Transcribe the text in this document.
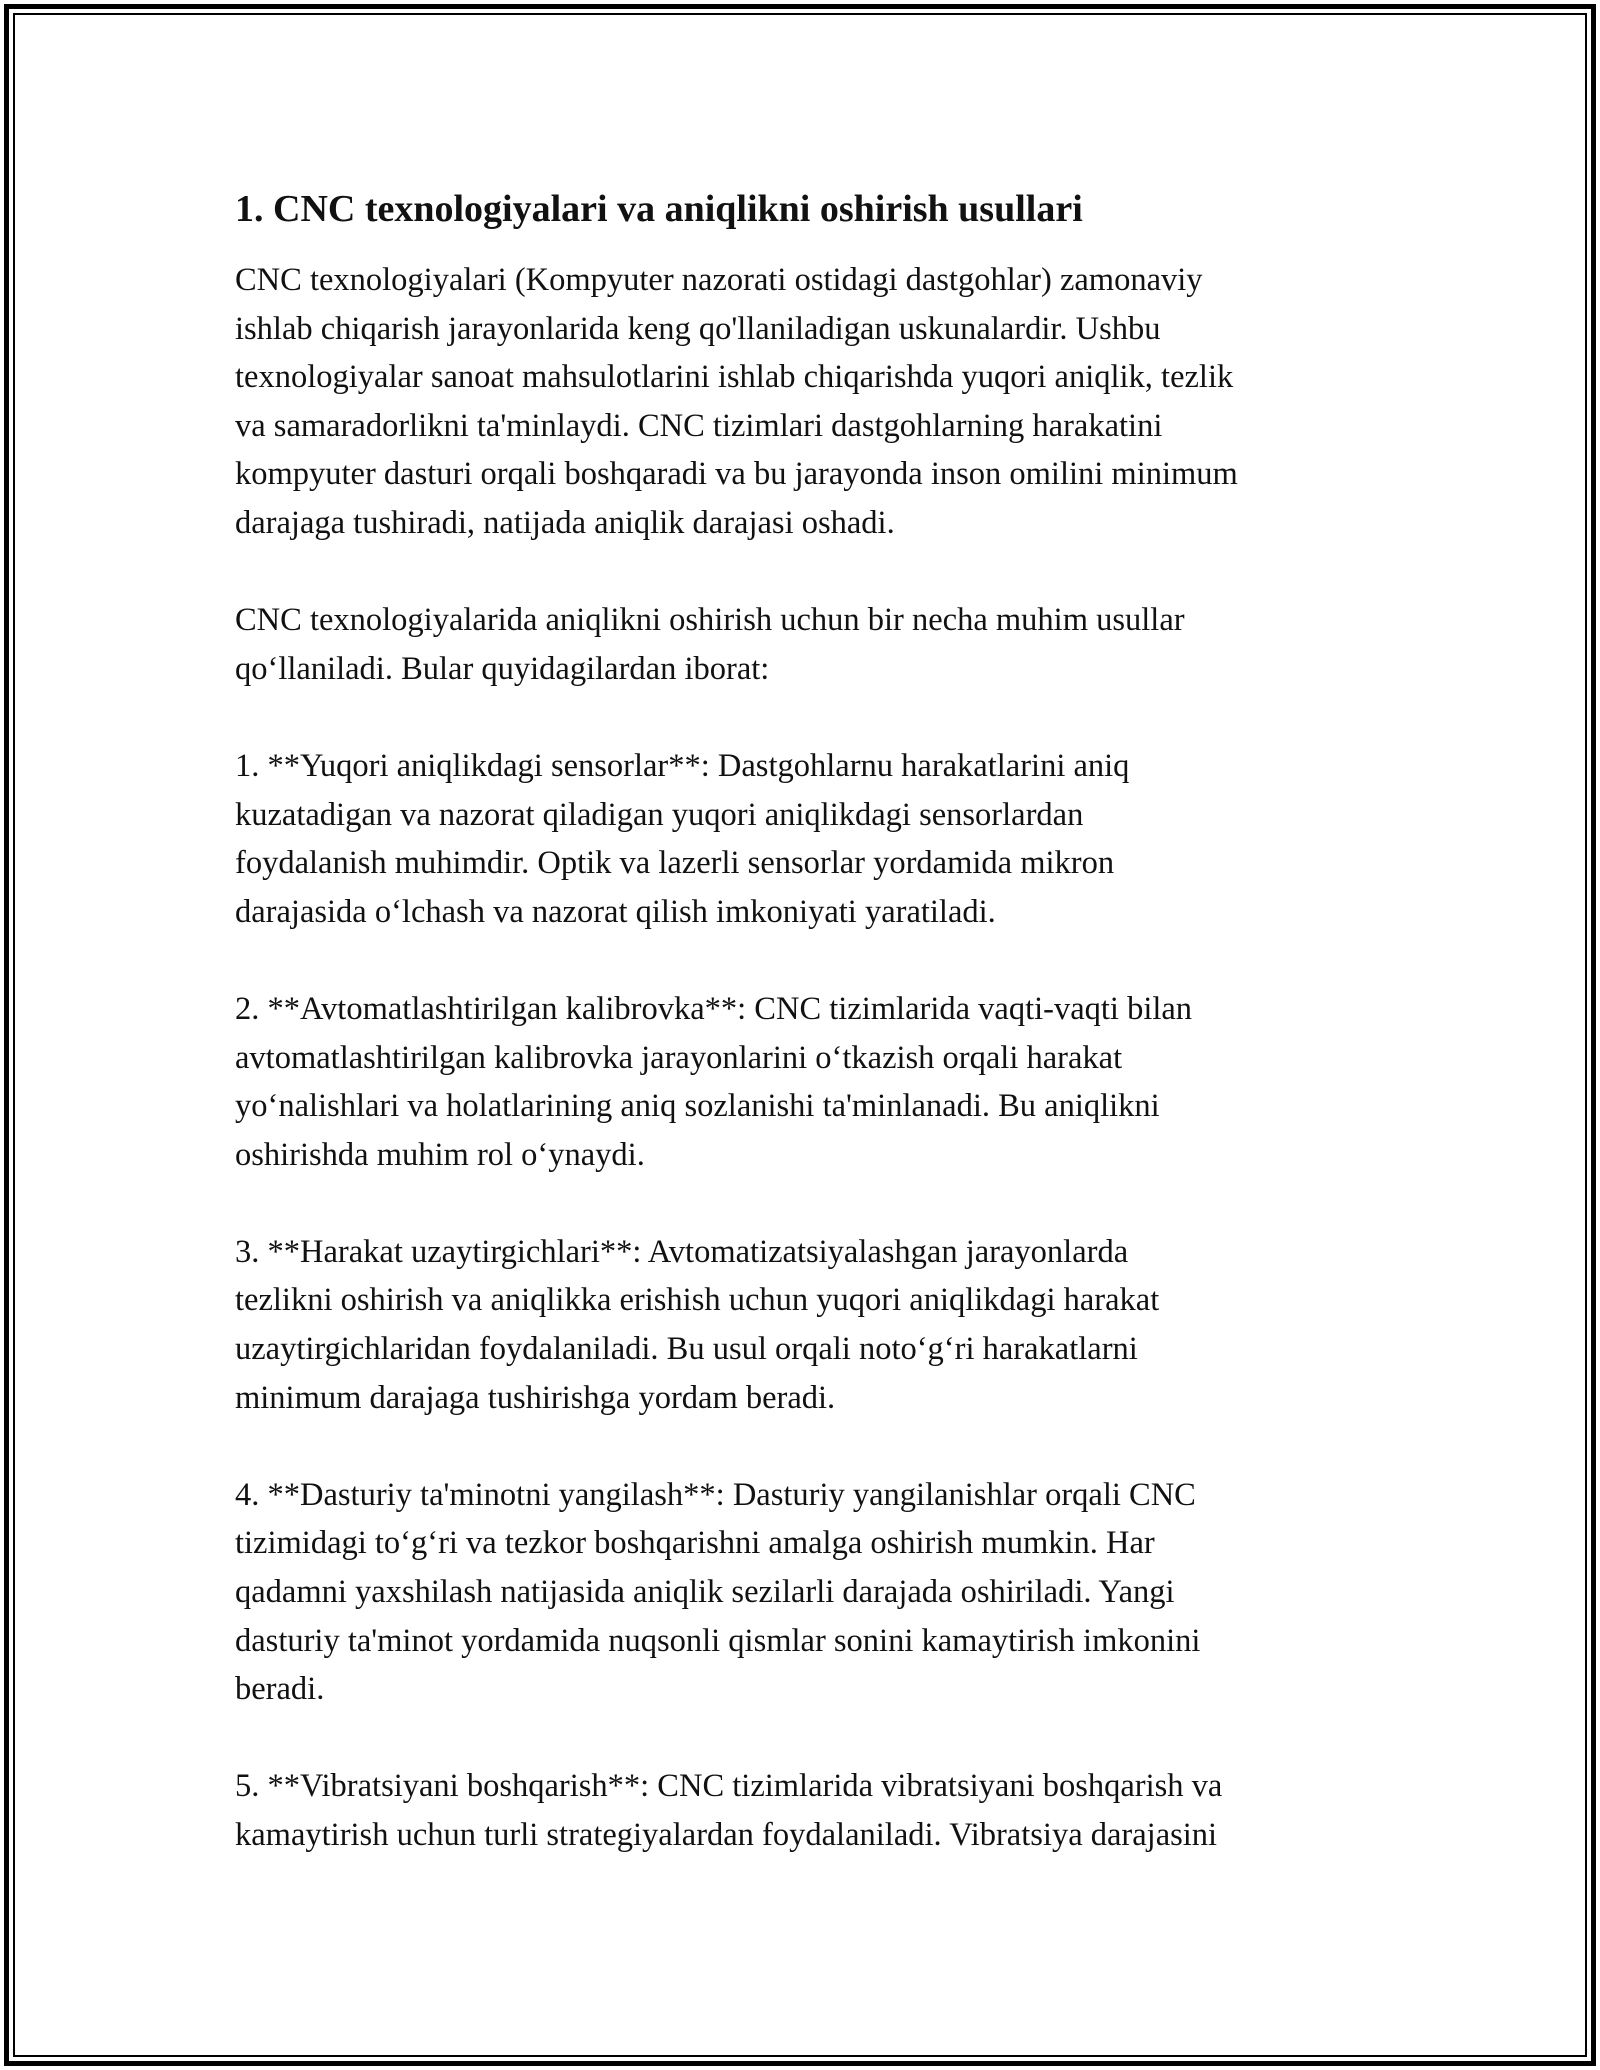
1. CNC texnologiyalari va aniqlikni oshirish usullari

CNC texnologiyalari (Kompyuter nazorati ostidagi dastgohlar) zamonaviy
ishlab chiqarish jarayonlarida keng qo'llaniladigan uskunalardir. Ushbu
texnologiyalar sanoat mahsulotlarini ishlab chiqarishda yuqori aniqlik, tezlik
va samaradorlikni ta'minlaydi. CNC tizimlari dastgohlarning harakatini
kompyuter dasturi orqali boshqaradi va bu jarayonda inson omilini minimum
darajaga tushiradi, natijada aniqlik darajasi oshadi.

CNC texnologiyalarida aniqlikni oshirish uchun bir necha muhim usullar
qo‘llaniladi. Bular quyidagilardan iborat:

1. **Yuqori aniqlikdagi sensorlar**: Dastgohlarnu harakatlarini aniq
kuzatadigan va nazorat qiladigan yuqori aniqlikdagi sensorlardan
foydalanish muhimdir. Optik va lazerli sensorlar yordamida mikron
darajasida o‘lchash va nazorat qilish imkoniyati yaratiladi.

2. **Avtomatlashtirilgan kalibrovka**: CNC tizimlarida vaqti-vaqti bilan
avtomatlashtirilgan kalibrovka jarayonlarini o‘tkazish orqali harakat
yo‘nalishlari va holatlarining aniq sozlanishi ta'minlanadi. Bu aniqlikni
oshirishda muhim rol o‘ynaydi.

3. **Harakat uzaytirgichlari**: Avtomatizatsiyalashgan jarayonlarda
tezlikni oshirish va aniqlikka erishish uchun yuqori aniqlikdagi harakat
uzaytirgichlaridan foydalaniladi. Bu usul orqali noto‘g‘ri harakatlarni
minimum darajaga tushirishga yordam beradi.

4. **Dasturiy ta'minotni yangilash**: Dasturiy yangilanishlar orqali CNC
tizimidagi to‘g‘ri va tezkor boshqarishni amalga oshirish mumkin. Har
qadamni yaxshilash natijasida aniqlik sezilarli darajada oshiriladi. Yangi
dasturiy ta'minot yordamida nuqsonli qismlar sonini kamaytirish imkonini
beradi.

5. **Vibratsiyani boshqarish**: CNC tizimlarida vibratsiyani boshqarish va
kamaytirish uchun turli strategiyalardan foydalaniladi. Vibratsiya darajasini
